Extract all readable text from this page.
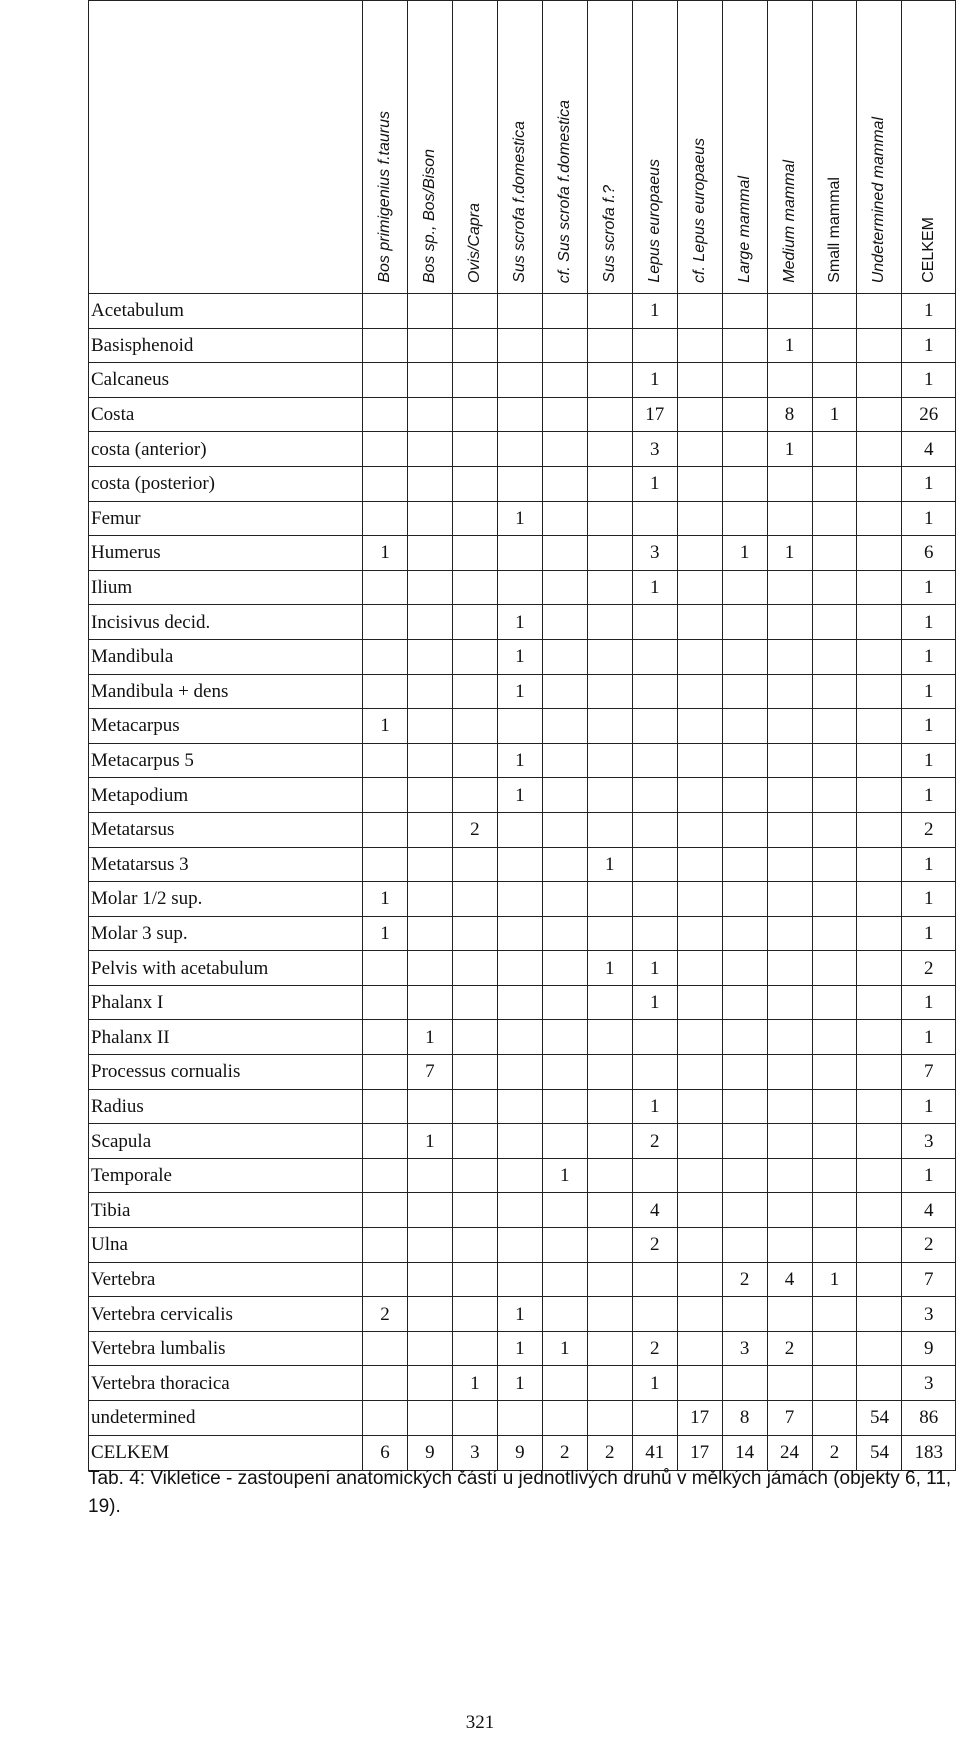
	Bos primigenius f.taurus	Bos sp., Bos/Bison	Ovis/Capra	Sus scrofa f.domestica	cf. Sus scrofa f.domestica	Sus scrofa f.?	Lepus europaeus	cf. Lepus europaeus	Large mammal	Medium mammal	Small mammal	Undetermined mammal	CELKEM
Acetabulum							1						1
Basisphenoid										1			1
Calcaneus							1						1
Costa							17			8	1		26
costa (anterior)							3			1			4
costa (posterior)							1						1
Femur				1									1
Humerus	1						3		1	1			6
Ilium							1						1
Incisivus decid.				1									1
Mandibula				1									1
Mandibula + dens				1									1
Metacarpus	1												1
Metacarpus 5				1									1
Metapodium				1									1
Metatarsus			2										2
Metatarsus 3						1							1
Molar 1/2 sup.	1												1
Molar 3 sup.	1												1
Pelvis with acetabulum						1	1						2
Phalanx I							1						1
Phalanx II		1											1
Processus cornualis		7											7
Radius							1						1
Scapula		1					2						3
Temporale					1								1
Tibia							4						4
Ulna							2						2
Vertebra									2	4	1		7
Vertebra cervicalis	2			1									3
Vertebra lumbalis				1	1		2		3	2			9
Vertebra thoracica			1	1			1						3
undetermined								17	8	7		54	86
CELKEM	6	9	3	9	2	2	41	17	14	24	2	54	183
Tab. 4: Vikletice - zastoupení anatomických částí u jednotlivých druhů v mělkých jámách (objekty 6, 11, 19).
321
